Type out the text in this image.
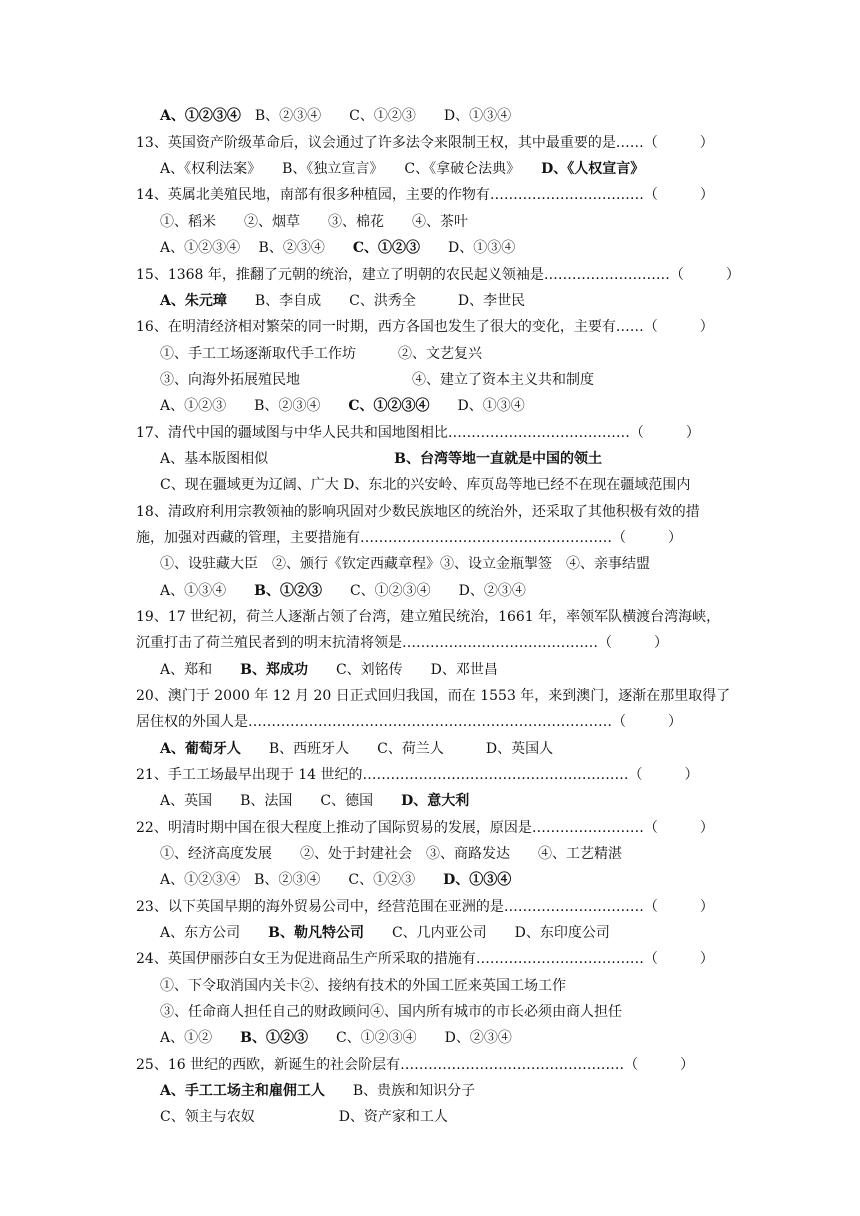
A、①②③④　B、②③④　　C、①②③　　D、①③④
13、英国资产阶级革命后，议会通过了许多法令来限制王权，其中最重要的是……（　　　）
A、《权利法案》　　B、《独立宣言》　　C、《拿破仑法典》　　D、《人权宣言》
14、英属北美殖民地，南部有很多种植园，主要的作物有……………………………（　　　）
①、稻米　　②、烟草　　③、棉花　　④、茶叶
A、①②③④　 B、②③④　　C、①②③　　D、①③④
15、1368 年，推翻了元朝的统治，建立了明朝的农民起义领袖是………………………（　　　）
A、朱元璋　　B、李自成　　C、洪秀全　　　D、李世民
16、在明清经济相对繁荣的同一时期，西方各国也发生了很大的变化，主要有……（　　　）
①、手工工场逐渐取代手工作坊　　　②、文艺复兴
③、向海外拓展殖民地　　　　　　　　④、建立了资本主义共和制度
A、①②③　　B、②③④　　C、①②③④　　D、①③④
17、清代中国的疆域图与中华人民共和国地图相比…………………………………（　　　）
A、基本版图相似　　　　　　　　　B、台湾等地一直就是中国的领土
C、现在疆域更为辽阔、广大 D、东北的兴安岭、库页岛等地已经不在现在疆域范围内
18、清政府利用宗教领袖的影响巩固对少数民族地区的统治外，还采取了其他积极有效的措
施，加强对西藏的管理，主要措施有………………………………………………（　　　）
①、设驻藏大臣　②、颁行《钦定西藏章程》③、设立金瓶掣签　④、亲事结盟
A、①③④　　B、①②③　　C、①②③④　　D、②③④
19、17 世纪初，荷兰人逐渐占领了台湾，建立殖民统治，1661 年，率领军队横渡台湾海峡，
沉重打击了荷兰殖民者到的明末抗清将领是……………………………………（　　　）
A、郑和　　B、郑成功　　C、刘铭传　　D、邓世昌
20、澳门于 2000 年 12 月 20 日正式回归我国，而在 1553 年，来到澳门，逐渐在那里取得了
居住权的外国人是……………………………………………………………………（　　　）
A、葡萄牙人　　B、西班牙人　　C、荷兰人　　　D、英国人
21、手工工场最早出现于 14 世纪的…………………………………………………（　　　）
A、英国　　B、法国　　C、德国　　D、意大利
22、明清时期中国在很大程度上推动了国际贸易的发展，原因是……………………（　　　）
①、经济高度发展　　②、处于封建社会　③、商路发达　　④、工艺精湛
A、①②③④　B、②③④　　C、①②③　　D、①③④
23、以下英国早期的海外贸易公司中，经营范围在亚洲的是…………………………（　　　）
A、东方公司　　B、勒凡特公司　　C、几内亚公司　　D、东印度公司
24、英国伊丽莎白女王为促进商品生产所采取的措施有………………………………（　　　）
①、下令取消国内关卡②、接纳有技术的外国工匠来英国工场工作
③、任命商人担任自己的财政顾问④、国内所有城市的市长必须由商人担任
A、①②　　B、①②③　　C、①②③④　　D、②③④
25、16 世纪的西欧，新诞生的社会阶层有…………………………………………（　　　）
A、手工工场主和雇佣工人　　B、贵族和知识分子
C、领主与农奴　　　　　　D、资产家和工人
